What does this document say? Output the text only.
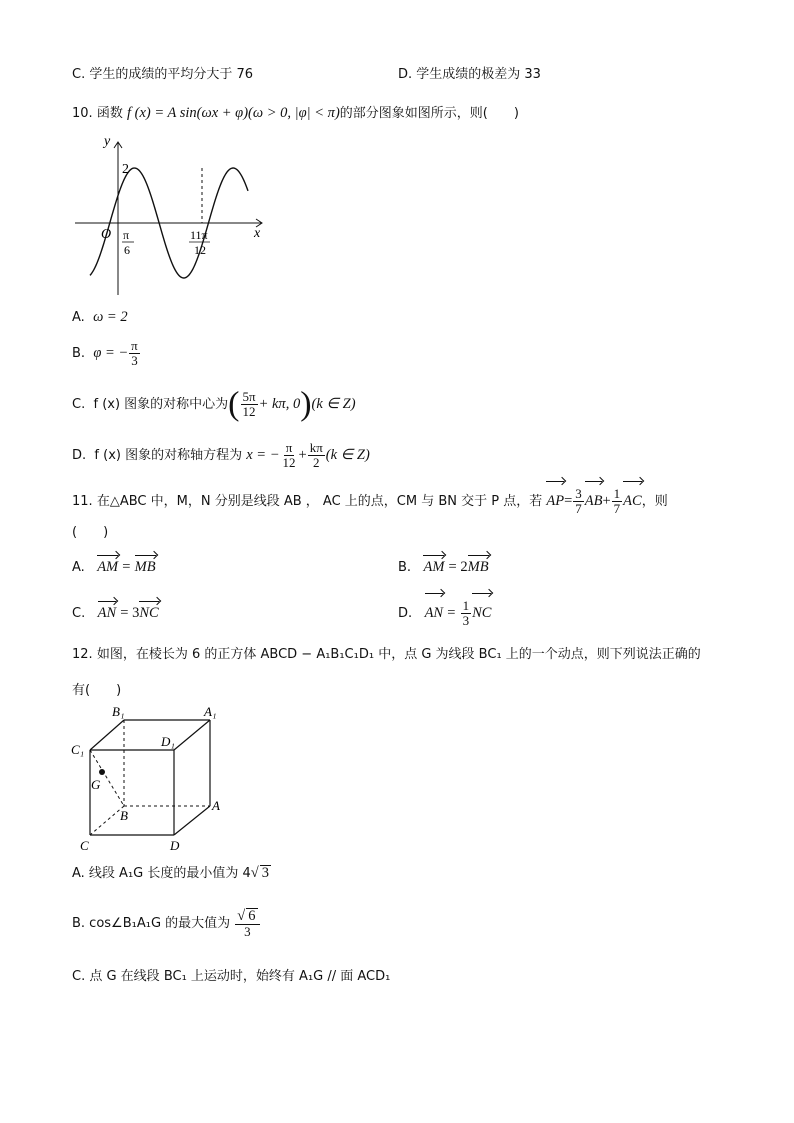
C. 学生的成绩的平均分大于 76	D. 学生成绩的极差为 33
10. 函数 f (x) = A sin(ωx + φ)(ω > 0, |φ| < π)的部分图象如图所示，则(　　)
y
x
O
2
π
6
11π
12
A. ω = 2
B. φ = − $\frac{\pi}{3}$
C. f (x) 图象的对称中心为( $\frac{5\pi}{12} + k\pi$, 0)(k ∈ Z)
D. f (x) 图象的对称轴方程为 x = − $\frac{\pi}{12} + \frac{k\pi}{2} (k$ ∈ Z)
11. 在△ABC 中，M，N 分别是线段 AB ， AC 上的点，CM 与 BN 交于 P 点，若 $AP= \frac{3}{7} AB+ \frac{1}{7}$ AC，则
(　　)
A. AM = MB	B. AM = 2MB
C. AN = 3NC	D. AN = $\frac{1}{3}$ NC
12. 如图，在棱长为 6 的正方体 ABCD − A₁B₁C₁D₁ 中，点 G 为线段 BC₁ 上的一个动点，则下列说法正确的
有(　　)
B₁	A₁
D₁
C₁
G
B
A
C	D
A. 线段 A₁G 长度的最小值为 4√ 3
B. cos∠B₁A₁G 的最大值为 $\frac{√ 6}{3}$
C. 点 G 在线段 BC₁ 上运动时，始终有 A₁G // 面 ACD₁
